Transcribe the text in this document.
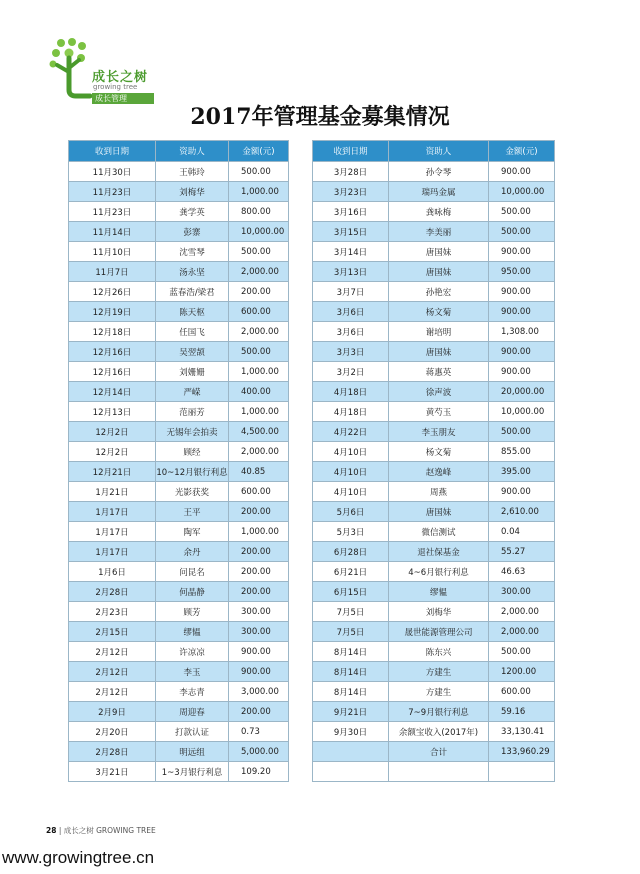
成长之树
growing tree
成长管理
2017年管理基金募集情况
收到日期	资助人	金额(元)
11月30日	王韩玲	500.00
11月23日	刘梅华	1,000.00
11月23日	龚学英	800.00
11月14日	彭寨	10,000.00
11月10日	沈雪琴	500.00
11月7日	汤永坚	2,000.00
12月26日	蓝春浩/梁君	200.00
12月19日	陈天枢	600.00
12月18日	任国飞	2,000.00
12月16日	吴翌颉	500.00
12月16日	刘姗姗	1,000.00
12月14日	严嵘	400.00
12月13日	范丽芳	1,000.00
12月2日	无锡年会拍卖	4,500.00
12月2日	顾经	2,000.00
12月21日	10~12月银行利息	40.85
1月21日	光影获奖	600.00
1月17日	王平	200.00
1月17日	陶军	1,000.00
1月17日	余丹	200.00
1月6日	问昆名	200.00
2月28日	何晶静	200.00
2月23日	顾芳	300.00
2月15日	缪韫	300.00
2月12日	许凉凉	900.00
2月12日	李玉	900.00
2月12日	李志青	3,000.00
2月9日	周迎春	200.00
2月20日	打款认证	0.73
2月28日	明远组	5,000.00
3月21日	1~3月银行利息	109.20
收到日期	资助人	金额(元)
3月28日	孙令琴	900.00
3月23日	瑞玛金属	10,000.00
3月16日	龚咏梅	500.00
3月15日	李美丽	500.00
3月14日	唐国妹	900.00
3月13日	唐国妹	950.00
3月7日	孙艳宏	900.00
3月6日	杨文菊	900.00
3月6日	谢培明	1,308.00
3月3日	唐国妹	900.00
3月2日	蒋惠英	900.00
4月18日	徐声波	20,000.00
4月18日	黄芍玉	10,000.00
4月22日	李玉朋友	500.00
4月10日	杨文菊	855.00
4月10日	赵逸峰	395.00
4月10日	周燕	900.00
5月6日	唐国妹	2,610.00
5月3日	微信测试	0.04
6月28日	退社保基金	55.27
6月21日	4~6月银行利息	46.63
6月15日	缪韫	300.00
7月5日	刘梅华	2,000.00
7月5日	晟世能源管理公司	2,000.00
8月14日	陈东兴	500.00
8月14日	方建生	1200.00
8月14日	方建生	600.00
9月21日	7~9月银行利息	59.16
9月30日	余额宝收入(2017年)	33,130.41
	合计	133,960.29

28 | 成长之树 GROWING TREE
www.growingtree.cn
